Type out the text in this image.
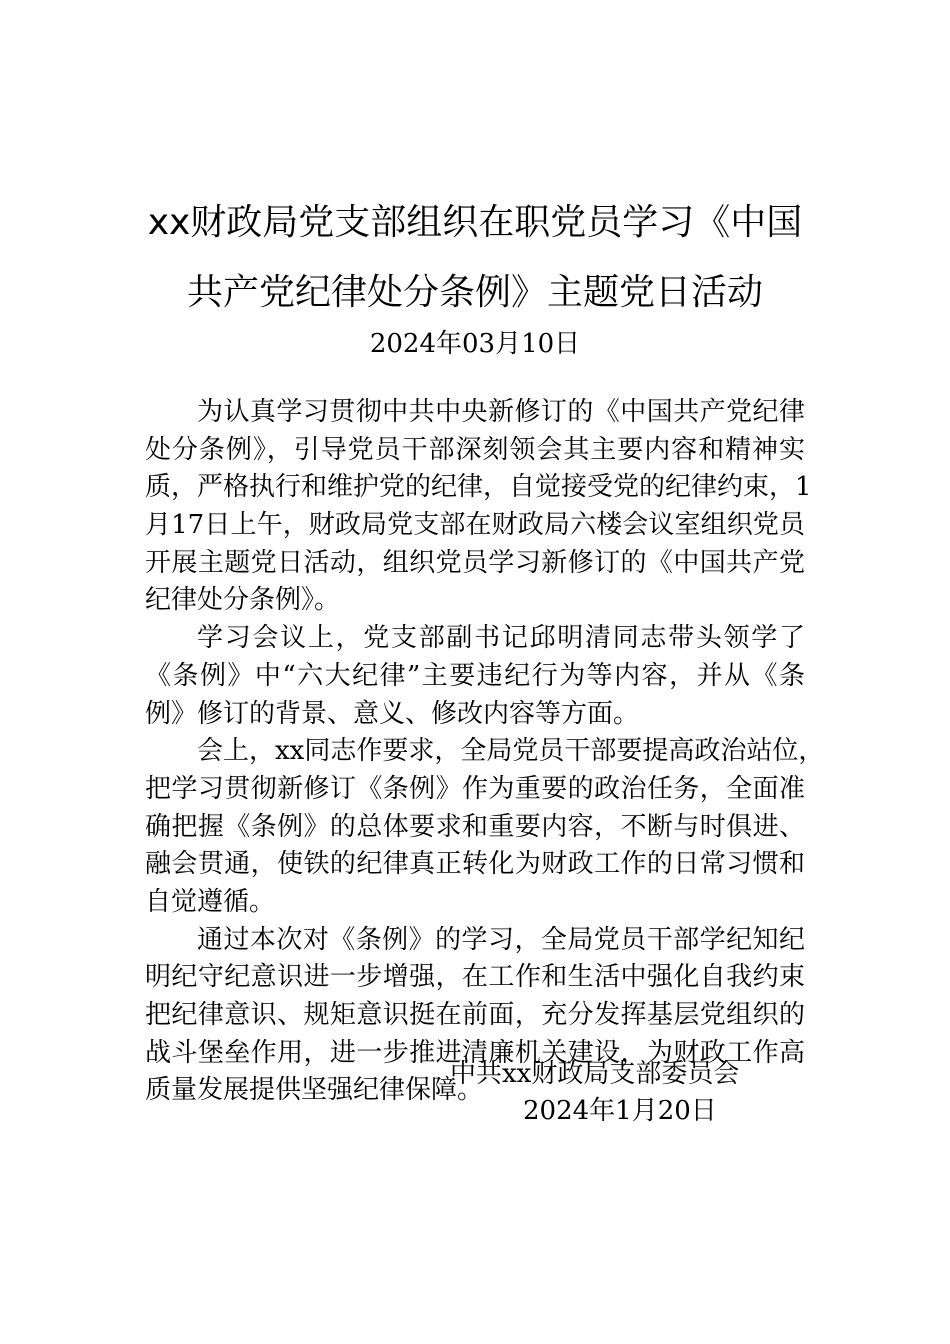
xx财政局党支部组织在职党员学习《中国
共产党纪律处分条例》主题党日活动
2024年03月10日
为认真学习贯彻中共中央新修订的《中国共产党纪律
处分条例》，引导党员干部深刻领会其主要内容和精神实
质，严格执行和维护党的纪律，自觉接受党的纪律约束，1
月17日上午，财政局党支部在财政局六楼会议室组织党员
开展主题党日活动，组织党员学习新修订的《中国共产党
纪律处分条例》。
学习会议上，党支部副书记邱明清同志带头领学了
《条例》中“六大纪律”主要违纪行为等内容，并从《条
例》修订的背景、意义、修改内容等方面。
会上，xx同志作要求，全局党员干部要提高政治站位，
把学习贯彻新修订《条例》作为重要的政治任务，全面准
确把握《条例》的总体要求和重要内容，不断与时俱进、
融会贯通，使铁的纪律真正转化为财政工作的日常习惯和
自觉遵循。
通过本次对《条例》的学习，全局党员干部学纪知纪
明纪守纪意识进一步增强，在工作和生活中强化自我约束
把纪律意识、规矩意识挺在前面，充分发挥基层党组织的
战斗堡垒作用，进一步推进清廉机关建设，为财政工作高
质量发展提供坚强纪律保障。
中共xx财政局支部委员会
2024年1月20日
